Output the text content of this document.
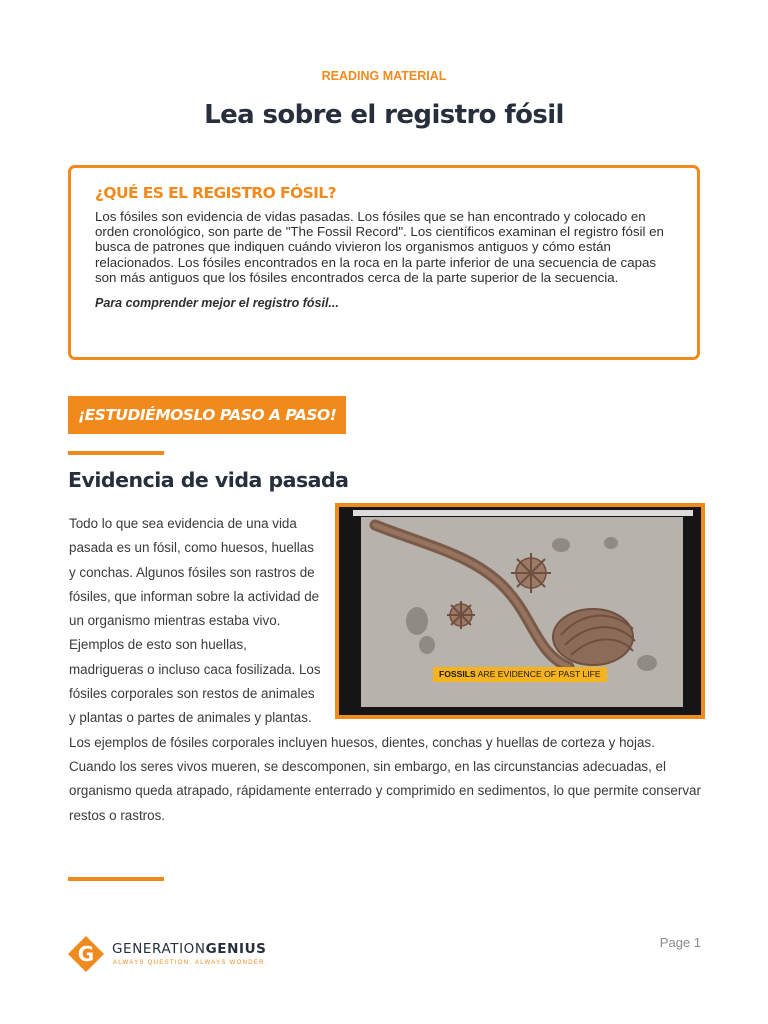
READING MATERIAL
Lea sobre el registro fósil
¿QUÉ ES EL REGISTRO FÓSIL?

Los fósiles son evidencia de vidas pasadas. Los fósiles que se han encontrado y colocado en orden cronológico, son parte de "The Fossil Record". Los científicos examinan el registro fósil en busca de patrones que indiquen cuándo vivieron los organismos antiguos y cómo están relacionados. Los fósiles encontrados en la roca en la parte inferior de una secuencia de capas son más antiguos que los fósiles encontrados cerca de la parte superior de la secuencia.

Para comprender mejor el registro fósil...

¡ESTUDIÉMOSLO PASO A PASO!
Evidencia de vida pasada
FOSSILS ARE EVIDENCE OF PAST LIFE
Todo lo que sea evidencia de una vida pasada es un fósil, como huesos, huellas y conchas. Algunos fósiles son rastros de fósiles, que informan sobre la actividad de un organismo mientras estaba vivo. Ejemplos de esto son huellas, madrigueras o incluso caca fosilizada. Los fósiles corporales son restos de animales y plantas o partes de animales y plantas. Los ejemplos de fósiles corporales incluyen huesos, dientes, conchas y huellas de corteza y hojas. Cuando los seres vivos mueren, se descomponen, sin embargo, en las circunstancias adecuadas, el organismo queda atrapado, rápidamente enterrado y comprimido en sedimentos, lo que permite conservar restos o rastros.
G GENERATIONGENIUS
ALWAYS QUESTION. ALWAYS WONDER.
Page 1
